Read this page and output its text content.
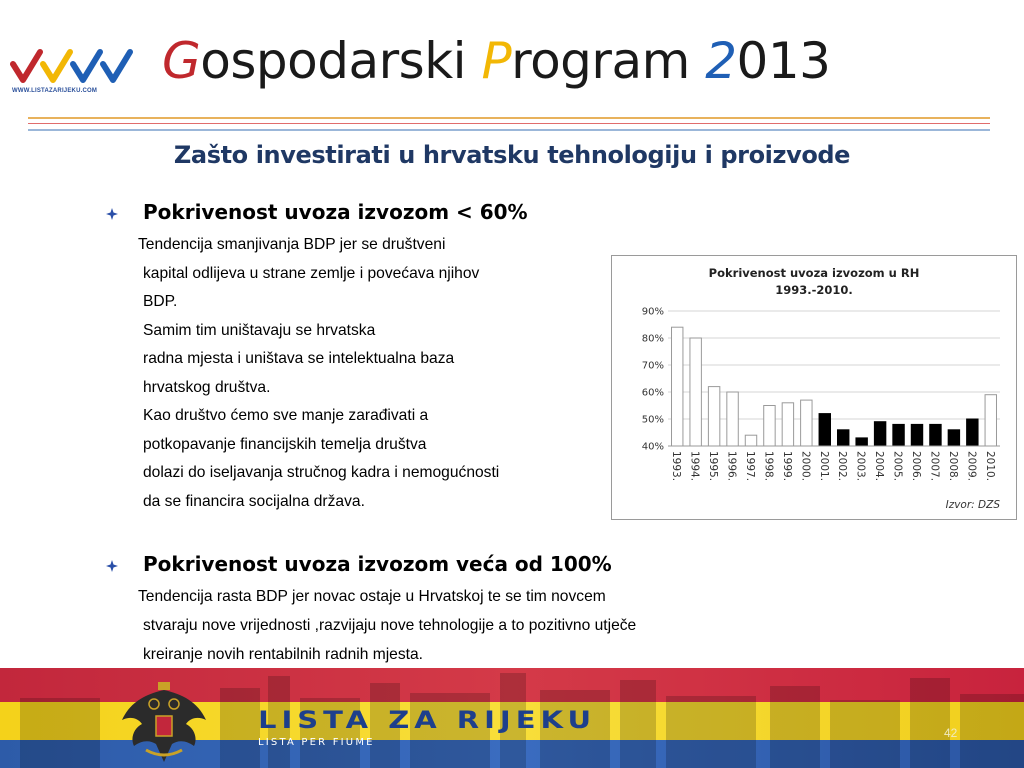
WWW.LISTAZARIJEKU.COM
Gospodarski Program 2013
Zašto investirati u hrvatsku tehnologiju i proizvode
Pokrivenost uvoza izvozom < 60%
Tendencija smanjivanja BDP jer se društveni
kapital odlijeva u strane zemlje i povećava njihov
BDP.
Samim tim uništavaju se hrvatska
radna mjesta i uništava se intelektualna baza
hrvatskog društva.
Kao društvo ćemo sve manje zarađivati a
potkopavanje financijskih temelja društva
dolazi do iseljavanja stručnog kadra i nemogućnosti
da se financira socijalna država.
Pokrivenost uvoza izvozom veća od 100%
Tendencija rasta BDP jer novac ostaje u Hrvatskoj te se tim novcem
stvaraju nove vrijednosti ,razvijaju nove tehnologije a to pozitivno utječe
kreiranje novih rentabilnih radnih mjesta.
Pokrivenost uvoza izvozom u RH
1993.-2010.
40%
50%
60%
70%
80%
90%
1993. 1994. 1995. 1996. 1997. 1998. 1999. 2000. 2001. 2002. 2003. 2004. 2005. 2006. 2007. 2008. 2009. 2010.
Izvor: DZS
LISTA ZA RIJEKU
LISTA PER FIUME
42
